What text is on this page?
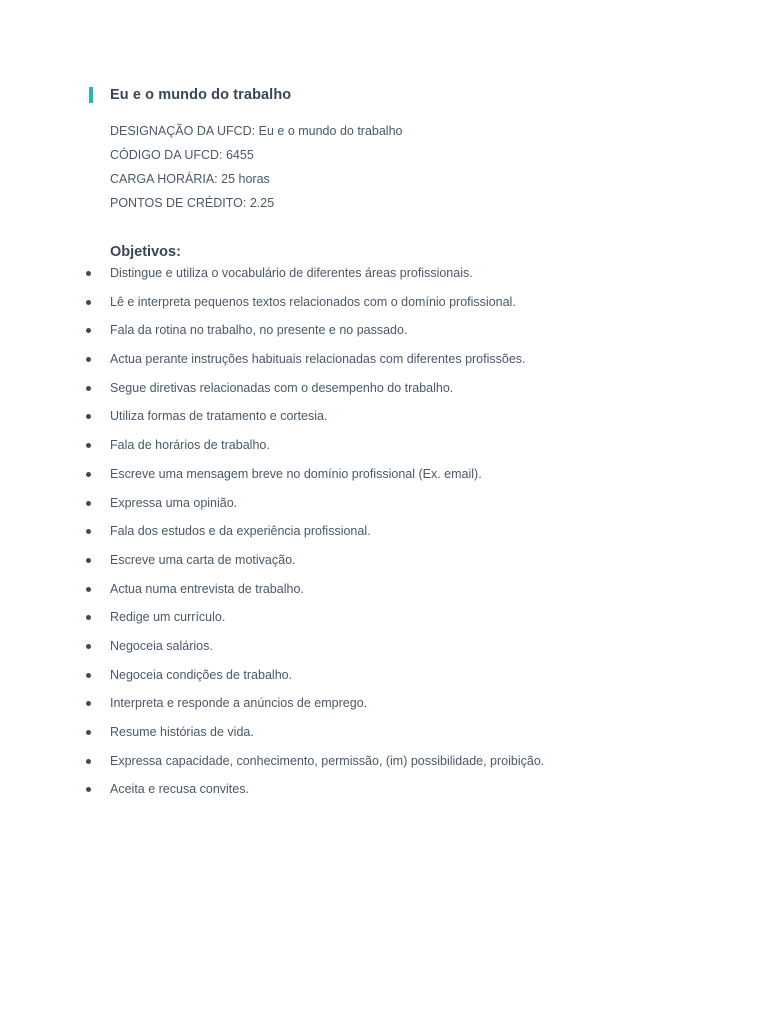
Eu e o mundo do trabalho
DESIGNAÇÃO DA UFCD: Eu e o mundo do trabalho
CÓDIGO DA UFCD: 6455
CARGA HORÁRIA: 25 horas
PONTOS DE CRÉDITO: 2.25
Objetivos:
Distingue e utiliza o vocabulário de diferentes áreas profissionais.
Lê e interpreta pequenos textos relacionados com o domínio profissional.
Fala da rotina no trabalho, no presente e no passado.
Actua perante instruções habituais relacionadas com diferentes profissões.
Segue diretivas relacionadas com o desempenho do trabalho.
Utiliza formas de tratamento e cortesia.
Fala de horários de trabalho.
Escreve uma mensagem breve no domínio profissional (Ex. email).
Expressa uma opinião.
Fala dos estudos e da experiência profissional.
Escreve uma carta de motivação.
Actua numa entrevista de trabalho.
Redige um currículo.
Negoceia salários.
Negoceia condições de trabalho.
Interpreta e responde a anúncios de emprego.
Resume histórias de vida.
Expressa capacidade, conhecimento, permissão, (im) possibilidade, proibição.
Aceita e recusa convites.
